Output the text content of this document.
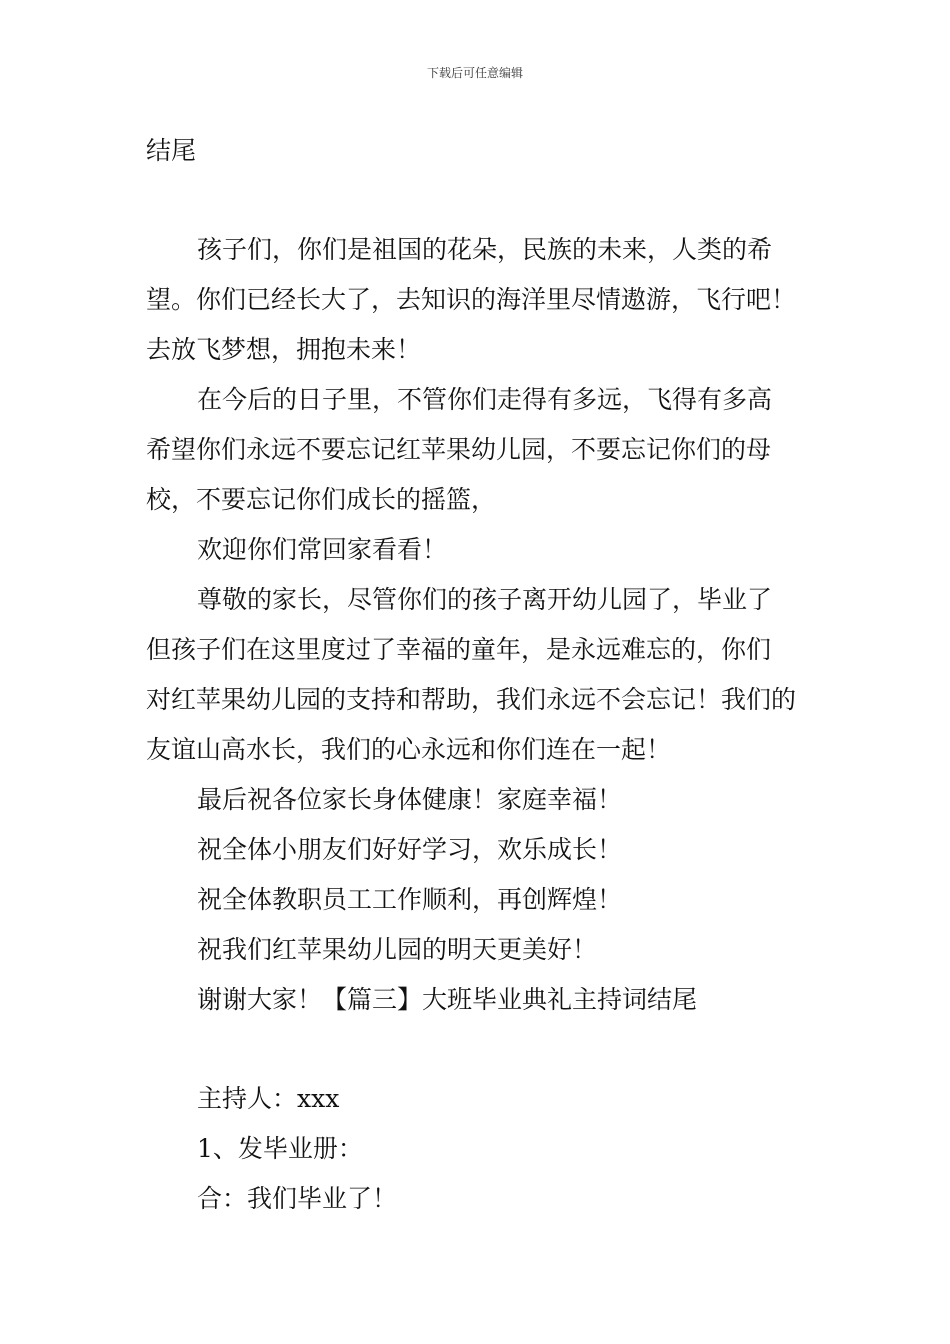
下载后可任意编辑
结尾
孩子们，你们是祖国的花朵，民族的未来，人类的希
望。你们已经长大了，去知识的海洋里尽情遨游，飞行吧！
去放飞梦想，拥抱未来！
在今后的日子里，不管你们走得有多远，飞得有多高
希望你们永远不要忘记红苹果幼儿园，不要忘记你们的母
校，不要忘记你们成长的摇篮，
欢迎你们常回家看看！
尊敬的家长，尽管你们的孩子离开幼儿园了，毕业了
但孩子们在这里度过了幸福的童年，是永远难忘的，你们
对红苹果幼儿园的支持和帮助，我们永远不会忘记！我们的
友谊山高水长，我们的心永远和你们连在一起！
最后祝各位家长身体健康！家庭幸福！
祝全体小朋友们好好学习，欢乐成长！
祝全体教职员工工作顺利，再创辉煌！
祝我们红苹果幼儿园的明天更美好！
谢谢大家！【篇三】大班毕业典礼主持词结尾
主持人：xxx
1、发毕业册：
合：我们毕业了！
